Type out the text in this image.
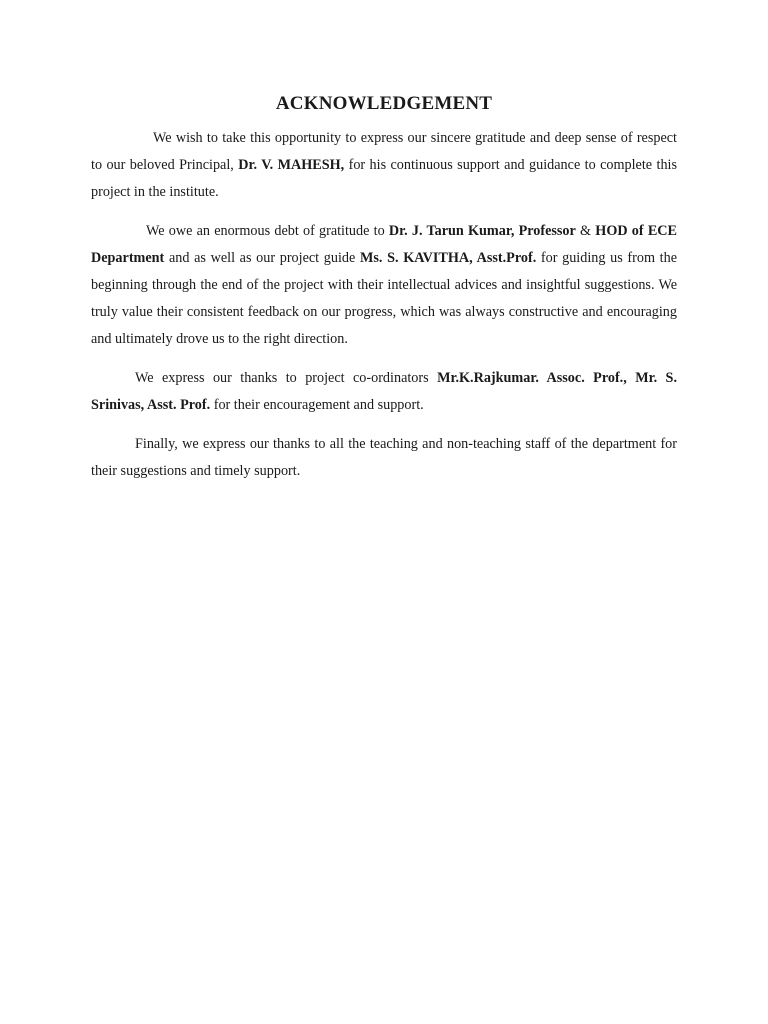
ACKNOWLEDGEMENT

We wish to take this opportunity to express our sincere gratitude and deep sense of respect to our beloved Principal, Dr. V. MAHESH, for his continuous support and guidance to complete this project in the institute.

We owe an enormous debt of gratitude to Dr. J. Tarun Kumar, Professor & HOD of ECE Department and as well as our project guide Ms. S. KAVITHA, Asst.Prof. for guiding us from the beginning through the end of the project with their intellectual advices and insightful suggestions. We truly value their consistent feedback on our progress, which was always constructive and encouraging and ultimately drove us to the right direction.

We express our thanks to project co-ordinators Mr.K.Rajkumar. Assoc. Prof., Mr. S. Srinivas, Asst. Prof. for their encouragement and support.

Finally, we express our thanks to all the teaching and non-teaching staff of the department for their suggestions and timely support.
